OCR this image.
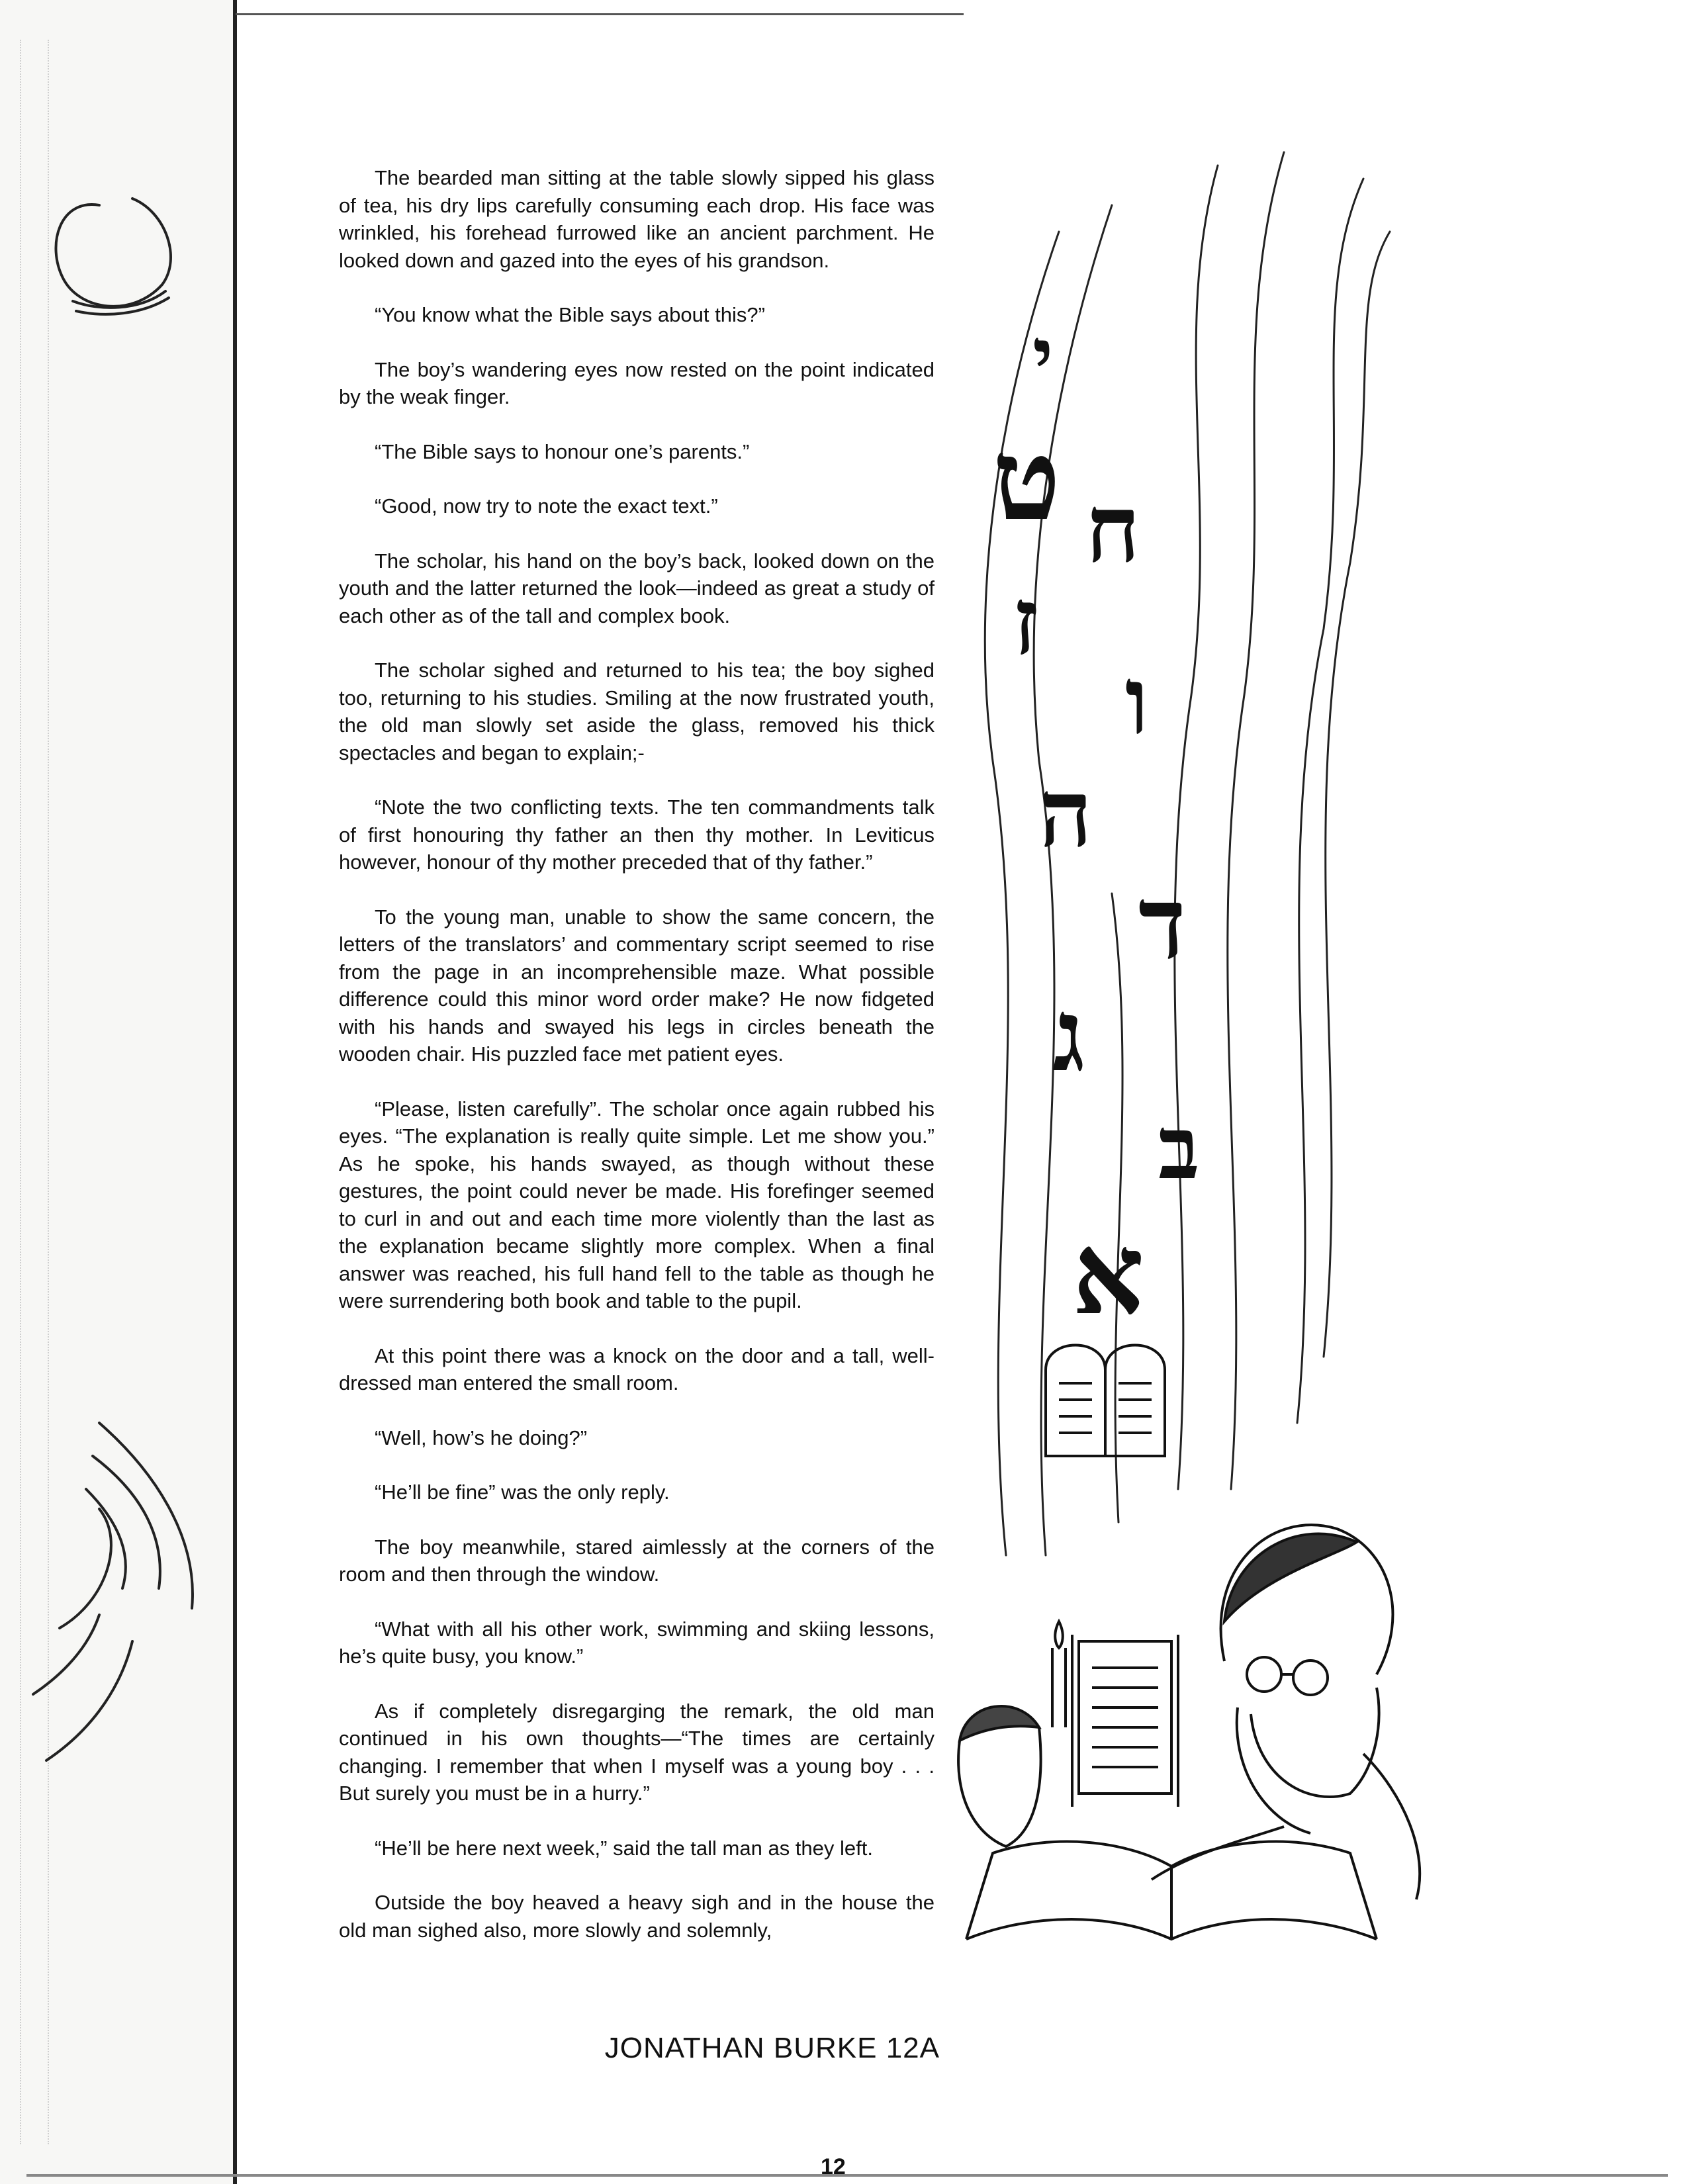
The bearded man sitting at the table slowly sipped his glass of tea, his dry lips carefully consuming each drop. His face was wrinkled, his forehead furrowed like an ancient parchment. He looked down and gazed into the eyes of his grandson.

“You know what the Bible says about this?”

The boy’s wandering eyes now rested on the point indicated by the weak finger.

“The Bible says to honour one’s parents.”

“Good, now try to note the exact text.”

The scholar, his hand on the boy’s back, looked down on the youth and the latter returned the look—indeed as great a study of each other as of the tall and complex book.

The scholar sighed and returned to his tea; the boy sighed too, returning to his studies. Smiling at the now frustrated youth, the old man slowly set aside the glass, removed his thick spectacles and began to explain;-

“Note the two conflicting texts. The ten commandments talk of first honouring thy father an then thy mother. In Leviticus however, honour of thy mother preceded that of thy father.”

To the young man, unable to show the same concern, the letters of the translators’ and commentary script seemed to rise from the page in an incomprehensible maze. What possible difference could this minor word order make? He now fidgeted with his hands and swayed his legs in circles beneath the wooden chair. His puzzled face met patient eyes.

“Please, listen carefully”. The scholar once again rubbed his eyes. “The explanation is really quite simple. Let me show you.” As he spoke, his hands swayed, as though without these gestures, the point could never be made. His forefinger seemed to curl in and out and each time more violently than the last as the explanation became slightly more complex. When a final answer was reached, his full hand fell to the table as though he were surrendering both book and table to the pupil.

At this point there was a knock on the door and a tall, well-dressed man entered the small room.

“Well, how’s he doing?”

“He’ll be fine” was the only reply.

The boy meanwhile, stared aimlessly at the corners of the room and then through the window.

“What with all his other work, swimming and skiing lessons, he’s quite busy, you know.”

As if completely disregarging the remark, the old man continued in his own thoughts—“The times are certainly changing. I remember that when I myself was a young boy . . . But surely you must be in a hurry.”

“He’ll be here next week,” said the tall man as they left.

Outside the boy heaved a heavy sigh and in the house the old man sighed also, more slowly and solemnly,

JONATHAN BURKE 12A
12
י
ט ח
ז
ו
ה
ד
ג
ב
א
